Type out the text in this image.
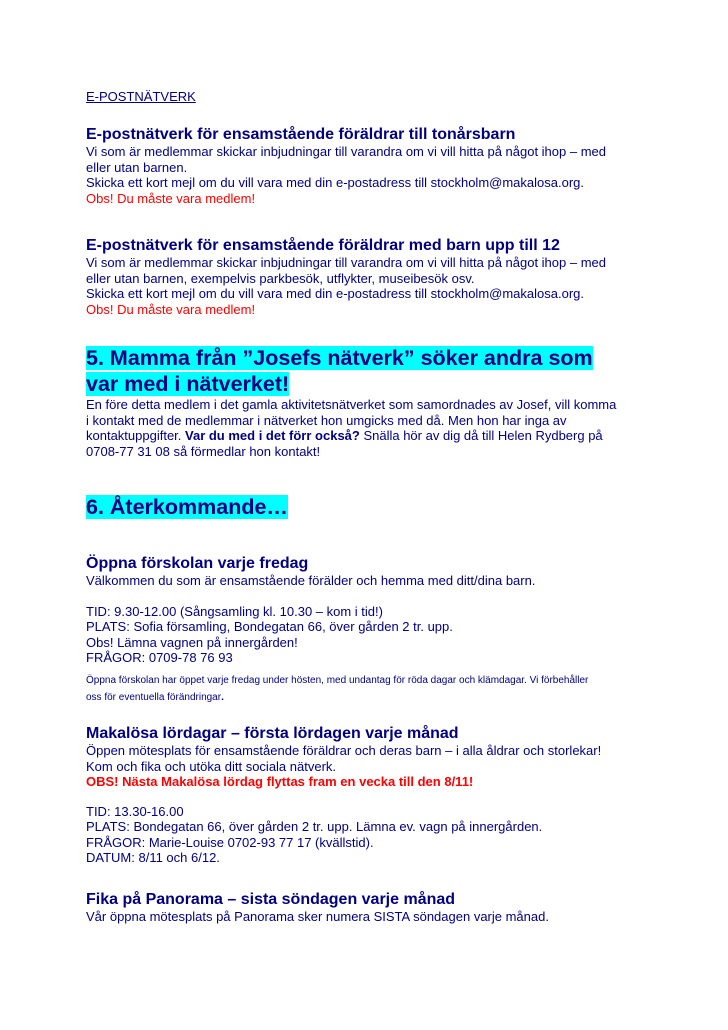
E-POSTNÄTVERK
E-postnätverk för ensamstående föräldrar till tonårsbarn
Vi som är medlemmar skickar inbjudningar till varandra om vi vill hitta på något ihop – med
eller utan barnen.
Skicka ett kort mejl om du vill vara med din e-postadress till stockholm@makalosa.org.
Obs! Du måste vara medlem!
E-postnätverk för ensamstående föräldrar med barn upp till 12
Vi som är medlemmar skickar inbjudningar till varandra om vi vill hitta på något ihop – med
eller utan barnen, exempelvis parkbesök, utflykter, museibesök osv.
Skicka ett kort mejl om du vill vara med din e-postadress till stockholm@makalosa.org.
Obs! Du måste vara medlem!
5. Mamma från ”Josefs nätverk” söker andra som
var med i nätverket!
En före detta medlem i det gamla aktivitetsnätverket som samordnades av Josef, vill komma
i kontakt med de medlemmar i nätverket hon umgicks med då. Men hon har inga av
kontaktuppgifter. Var du med i det förr också? Snälla hör av dig då till Helen Rydberg på
0708-77 31 08 så förmedlar hon kontakt!
6. Återkommande…
Öppna förskolan varje fredag
Välkommen du som är ensamstående förälder och hemma med ditt/dina barn.
TID: 9.30-12.00 (Sångsamling kl. 10.30 – kom i tid!)
PLATS: Sofia församling, Bondegatan 66, över gården 2 tr. upp.
Obs! Lämna vagnen på innergården!
FRÅGOR: 0709-78 76 93
Öppna förskolan har öppet varje fredag under hösten, med undantag för röda dagar och klämdagar. Vi förbehåller
oss för eventuella förändringar.
Makalösa lördagar – första lördagen varje månad
Öppen mötesplats för ensamstående föräldrar och deras barn – i alla åldrar och storlekar!
Kom och fika och utöka ditt sociala nätverk.
OBS! Nästa Makalösa lördag flyttas fram en vecka till den 8/11!
TID: 13.30-16.00
PLATS: Bondegatan 66, över gården 2 tr. upp. Lämna ev. vagn på innergården.
FRÅGOR: Marie-Louise 0702-93 77 17 (kvällstid).
DATUM: 8/11 och 6/12.
Fika på Panorama – sista söndagen varje månad
Vår öppna mötesplats på Panorama sker numera SISTA söndagen varje månad.
